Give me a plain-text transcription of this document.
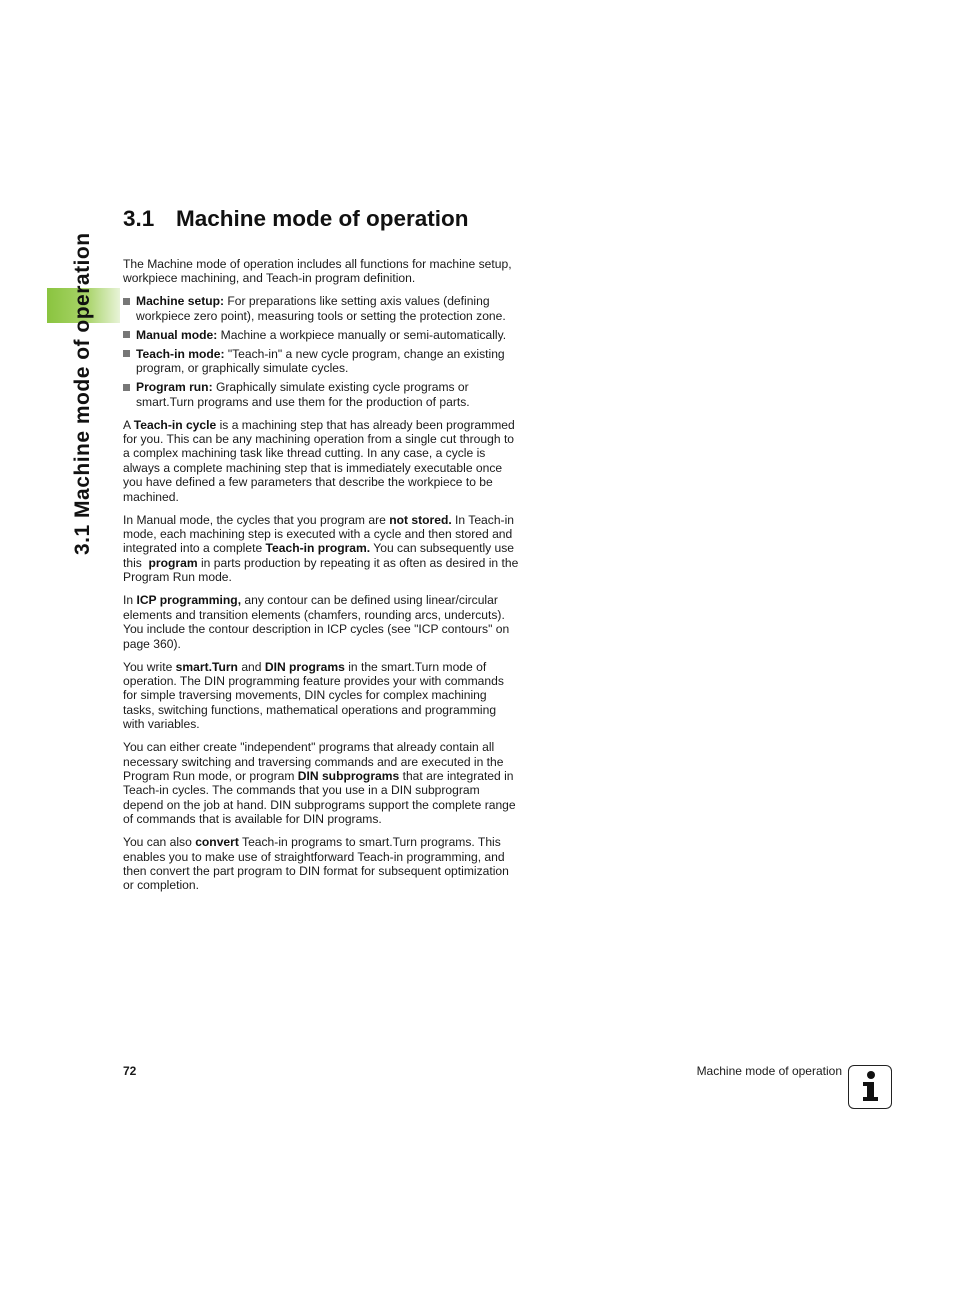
3.1 Machine mode of operation
3.1 Machine mode of operation

The Machine mode of operation includes all functions for machine setup, workpiece machining, and Teach-in program definition.

Machine setup: For preparations like setting axis values (defining workpiece zero point), measuring tools or setting the protection zone.
Manual mode: Machine a workpiece manually or semi-automatically.
Teach-in mode: "Teach-in" a new cycle program, change an existing program, or graphically simulate cycles.
Program run: Graphically simulate existing cycle programs or smart.Turn programs and use them for the production of parts.

A Teach-in cycle is a machining step that has already been programmed for you. This can be any machining operation from a single cut through to a complex machining task like thread cutting. In any case, a cycle is always a complete machining step that is immediately executable once you have defined a few parameters that describe the workpiece to be machined.

In Manual mode, the cycles that you program are not stored. In Teach-in mode, each machining step is executed with a cycle and then stored and integrated into a complete Teach-in program. You can subsequently use this  program in parts production by repeating it as often as desired in the Program Run mode.

In ICP programming, any contour can be defined using linear/circular elements and transition elements (chamfers, rounding arcs, undercuts). You include the contour description in ICP cycles (see "ICP contours" on page 360).

You write smart.Turn and DIN programs in the smart.Turn mode of operation. The DIN programming feature provides your with commands for simple traversing movements, DIN cycles for complex machining tasks, switching functions, mathematical operations and programming with variables.

You can either create "independent" programs that already contain all necessary switching and traversing commands and are executed in the Program Run mode, or program DIN subprograms that are integrated in Teach-in cycles. The commands that you use in a DIN subprogram depend on the job at hand. DIN subprograms support the complete range of commands that is available for DIN programs.

You can also convert Teach-in programs to smart.Turn programs. This enables you to make use of straightforward Teach-in programming, and then convert the part program to DIN format for subsequent optimization or completion.

72	Machine mode of operation
